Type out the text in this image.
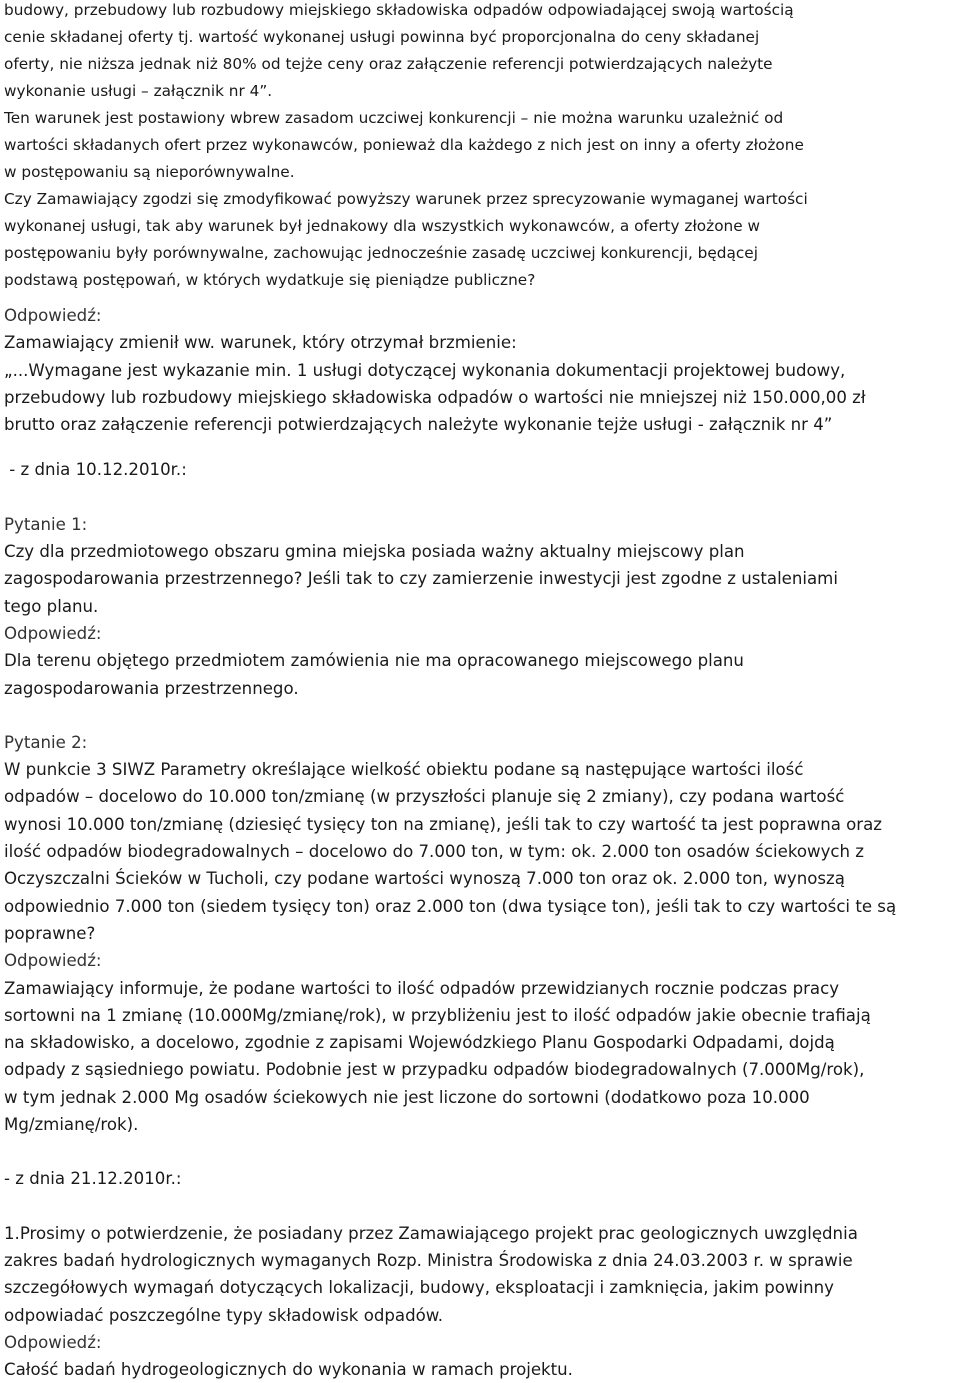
budowy, przebudowy lub rozbudowy miejskiego składowiska odpadów odpowiadającej swoją wartością
cenie składanej oferty tj. wartość wykonanej usługi powinna być proporcjonalna do ceny składanej
oferty, nie niższa jednak niż 80% od tejże ceny oraz załączenie referencji potwierdzających należyte
wykonanie usługi – załącznik nr 4”.
Ten warunek jest postawiony wbrew zasadom uczciwej konkurencji – nie można warunku uzależnić od
wartości składanych ofert przez wykonawców, ponieważ dla każdego z nich jest on inny a oferty złożone
w postępowaniu są nieporównywalne.
Czy Zamawiający zgodzi się zmodyfikować powyższy warunek przez sprecyzowanie wymaganej wartości
wykonanej usługi, tak aby warunek był jednakowy dla wszystkich wykonawców, a oferty złożone w
postępowaniu były porównywalne, zachowując jednocześnie zasadę uczciwej konkurencji, będącej
podstawą postępowań, w których wydatkuje się pieniądze publiczne?
Odpowiedź:
Zamawiający zmienił ww. warunek, który otrzymał brzmienie:
„...Wymagane jest wykazanie min. 1 usługi dotyczącej wykonania dokumentacji projektowej budowy,
przebudowy lub rozbudowy miejskiego składowiska odpadów o wartości nie mniejszej niż 150.000,00 zł
brutto oraz załączenie referencji potwierdzających należyte wykonanie tejże usługi - załącznik nr 4”
- z dnia 10.12.2010r.:
Pytanie 1:
Czy dla przedmiotowego obszaru gmina miejska posiada ważny aktualny miejscowy plan
zagospodarowania przestrzennego? Jeśli tak to czy zamierzenie inwestycji jest zgodne z ustaleniami
tego planu.
Odpowiedź:
Dla terenu objętego przedmiotem zamówienia nie ma opracowanego miejscowego planu
zagospodarowania przestrzennego.
Pytanie 2:
W punkcie 3 SIWZ Parametry określające wielkość obiektu podane są następujące wartości ilość
odpadów – docelowo do 10.000 ton/zmianę (w przyszłości planuje się 2 zmiany), czy podana wartość
wynosi 10.000 ton/zmianę (dziesięć tysięcy ton na zmianę), jeśli tak to czy wartość ta jest poprawna oraz
ilość odpadów biodegradowalnych – docelowo do 7.000 ton, w tym: ok. 2.000 ton osadów ściekowych z
Oczyszczalni Ścieków w Tucholi, czy podane wartości wynoszą 7.000 ton oraz ok. 2.000 ton, wynoszą
odpowiednio 7.000 ton (siedem tysięcy ton) oraz 2.000 ton (dwa tysiące ton), jeśli tak to czy wartości te są
poprawne?
Odpowiedź:
Zamawiający informuje, że podane wartości to ilość odpadów przewidzianych rocznie podczas pracy
sortowni na 1 zmianę (10.000Mg/zmianę/rok), w przybliżeniu jest to ilość odpadów jakie obecnie trafiają
na składowisko, a docelowo, zgodnie z zapisami Wojewódzkiego Planu Gospodarki Odpadami, dojdą
odpady z sąsiedniego powiatu. Podobnie jest w przypadku odpadów biodegradowalnych (7.000Mg/rok),
w tym jednak 2.000 Mg osadów ściekowych nie jest liczone do sortowni (dodatkowo poza 10.000
Mg/zmianę/rok).
- z dnia 21.12.2010r.:
1.Prosimy o potwierdzenie, że posiadany przez Zamawiającego projekt prac geologicznych uwzględnia
zakres badań hydrologicznych wymaganych Rozp. Ministra Środowiska z dnia 24.03.2003 r. w sprawie
szczegółowych wymagań dotyczących lokalizacji, budowy, eksploatacji i zamknięcia, jakim powinny
odpowiadać poszczególne typy składowisk odpadów.
Odpowiedź:
Całość badań hydrogeologicznych do wykonania w ramach projektu.
